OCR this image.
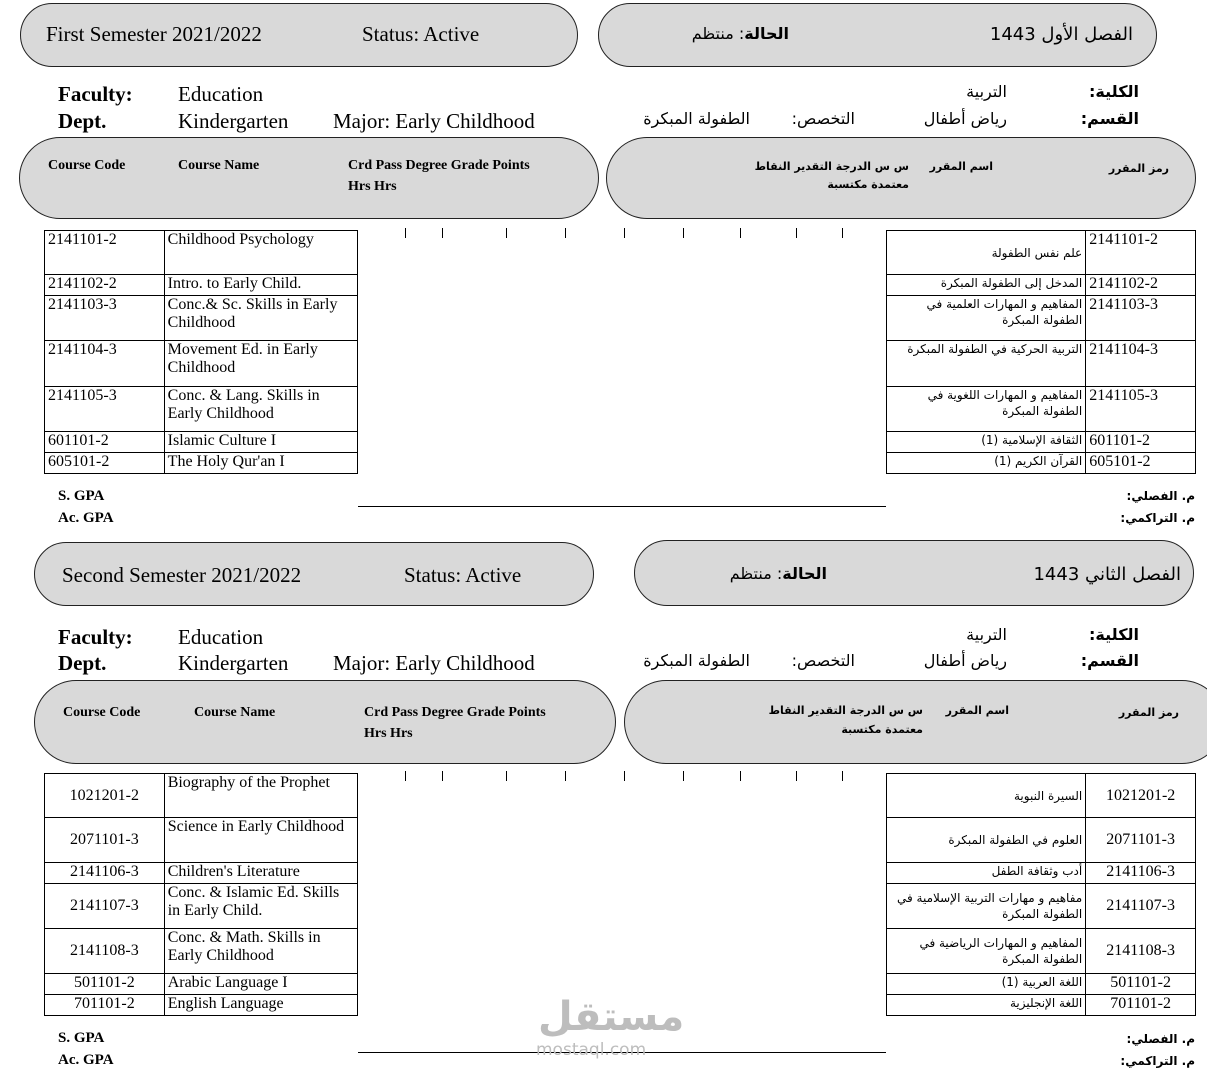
First Semester 2021/2022	Status: Active	الفصل الأول 1443
الحالة: منتظم
Faculty: Education
Dept.	Kindergarten Major: Early Childhood
الكلية:
التربية
القسم:
رياض أطفال
التخصص:
الطفولة المبكرة
Course Code	Course Name	Crd Pass Degree Grade Points
Hrs Hrs
رمز المقرر
اسم المقرر
س س الدرجة التقدير النقاط
معتمدة مكتسبة
2141101-2	Childhood Psychology
2141102-2	Intro. to Early Child.
2141103-3	Conc.& Sc. Skills in Early Childhood
2141104-3	Movement Ed. in Early Childhood
2141105-3	Conc. & Lang. Skills in Early Childhood
601101-2	Islamic Culture I
605101-2	The Holy Qur'an I
علم نفس الطفولة	2141101-2
المدخل إلى الطفولة المبكرة	2141102-2
المفاهيم و المهارات العلمية في الطفولة المبكرة	2141103-3
التربية الحركية في الطفولة المبكرة	2141104-3
المفاهيم و المهارات اللغوية في الطفولة المبكرة	2141105-3
الثقافة الإسلامية (1)	601101-2
القرآن الكريم (1)	605101-2
S. GPA
Ac. GPA
م. الفصلي:
م. التراكمي:
Second Semester 2021/2022	Status: Active	الفصل الثاني 1443
الحالة: منتظم
Faculty: Education
Dept.	Kindergarten Major: Early Childhood
الكلية:
التربية
القسم:
رياض أطفال
التخصص:
الطفولة المبكرة
Course Code	Course Name	Crd Pass Degree Grade Points
Hrs Hrs
رمز المقرر
اسم المقرر
س س الدرجة التقدير النقاط
معتمدة مكتسبة
1021201-2	Biography of the Prophet
2071101-3	Science in Early Childhood
2141106-3	Children's Literature
2141107-3	Conc. & Islamic Ed. Skills in Early Child.
2141108-3	Conc. & Math. Skills in Early Childhood
501101-2	Arabic Language I
701101-2	English Language
السيرة النبوية	1021201-2
العلوم في الطفولة المبكرة	2071101-3
أدب وثقافة الطفل	2141106-3
مفاهيم و مهارات التربية الإسلامية في الطفولة المبكرة	2141107-3
المفاهيم و المهارات الرياضية في الطفولة المبكرة	2141108-3
اللغة العربية (1)	501101-2
اللغة الإنجليزية	701101-2
S. GPA
Ac. GPA
م. الفصلي:
م. التراكمي:
مستقل
mostaql.com
